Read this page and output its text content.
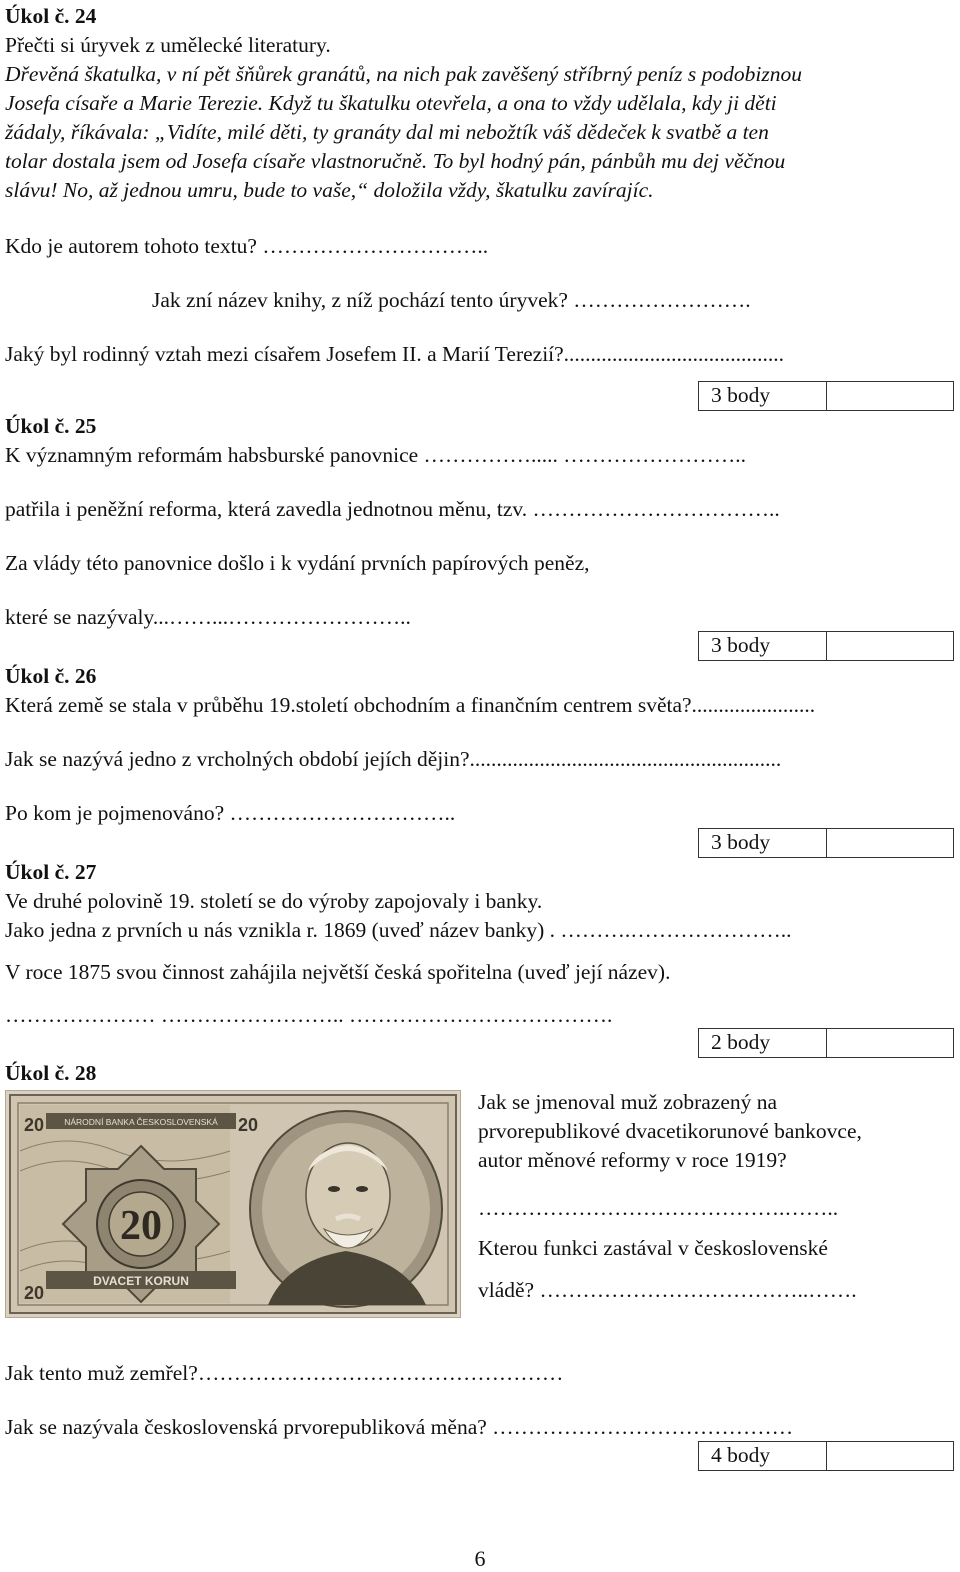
Úkol č. 24
Přečti si úryvek z umělecké literatury.
Dřevěná škatulka, v ní pět šňůrek granátů, na nich pak zavěšený stříbrný peníz s podobiznou
Josefa císaře a Marie Terezie. Když tu škatulku otevřela, a ona to vždy udělala, kdy ji děti
žádaly, říkávala: „Vidíte, milé děti, ty granáty dal mi nebožtík váš dědeček k svatbě a ten
tolar dostala jsem od Josefa císaře vlastnoručně. To byl hodný pán, pánbůh mu dej věčnou
slávu! No, až jednou umru, bude to vaše,“ doložila vždy, škatulku zavírajíc.
Kdo je autorem tohoto textu? …………………………..
Jak zní název knihy, z níž pochází tento úryvek? …………………….
Jaký byl rodinný vztah mezi císařem Josefem II. a Marií Terezií?.........................................
3 body
Úkol č. 25
K významným reformám habsburské panovnice ……………..... ……………………..
patřila i peněžní reforma, která zavedla jednotnou měnu, tzv. ……………………………..
Za vlády této panovnice došlo i k vydání prvních papírových peněz,
které se nazývaly...……...……………………..
3 body
Úkol č. 26
Která země se stala v průběhu 19.století obchodním a finančním centrem světa?.......................
Jak se nazývá jedno z vrcholných období jejích dějin?..........................................................
Po kom je pojmenováno? …………………………..
3 body
Úkol č. 27
Ve druhé polovině 19. století se do výroby zapojovaly i banky.
Jako jedna z prvních u nás vznikla r. 1869 (uveď název banky) . ……….…………………..
V roce 1875 svou činnost zahájila největší česká spořitelna (uveď její název).
………………… …………………….. ……………………………….
2 body
Úkol č. 28
NÁRODNÍ BANKA ČESKOSLOVENSKÁ
20	20
20
20
DVACET KORUN
Jak se jmenoval muž zobrazený na
prvorepublikové dvacetikorunové bankovce,
autor měnové reformy v roce 1919?
…………………………………….……..
Kterou funkci zastával v československé
vládě? ………………………………..…….
Jak tento muž zemřel?……………………………………………
Jak se nazývala československá prvorepubliková měna? ……………………………………
4 body
6
